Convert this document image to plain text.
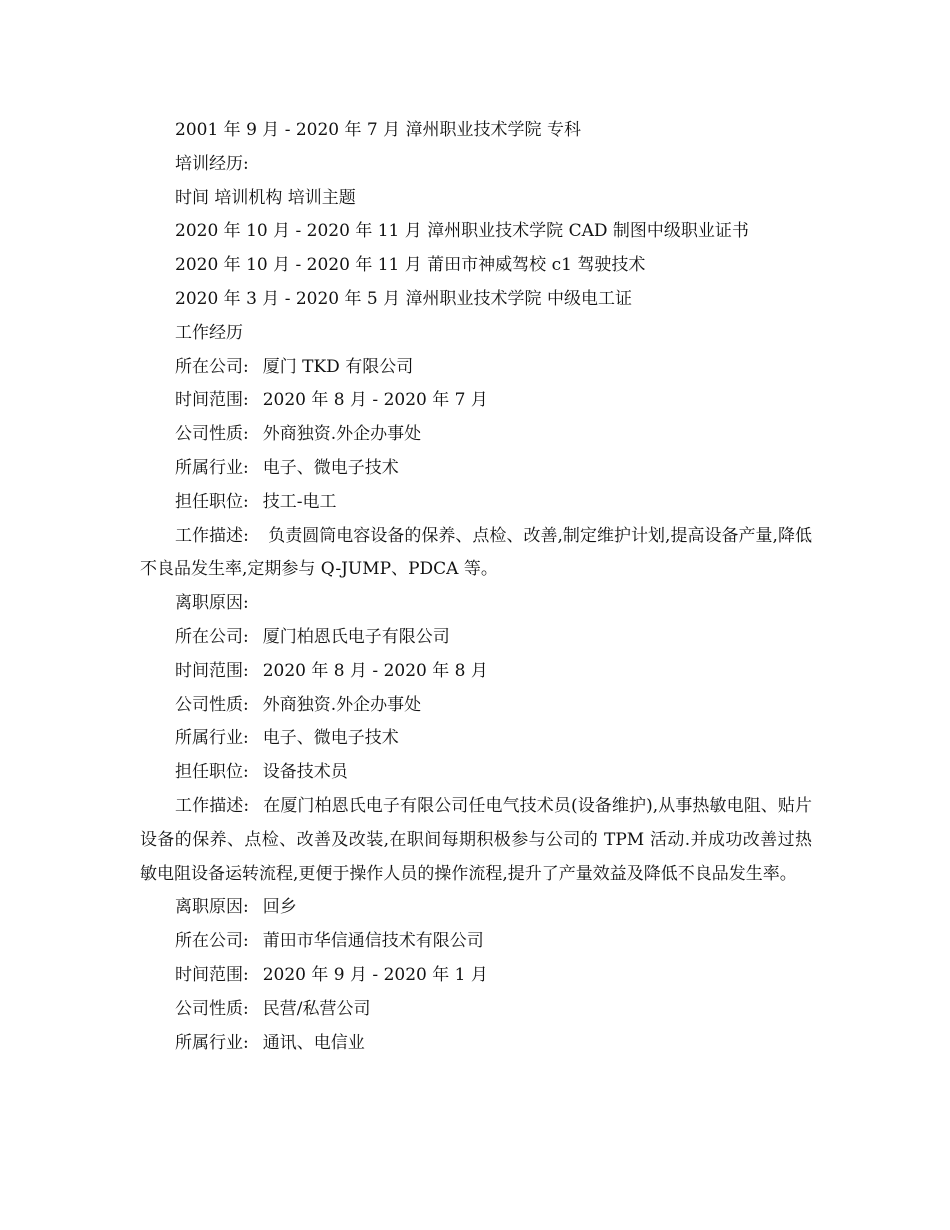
2001 年 9 月 - 2020 年 7 月 漳州职业技术学院 专科
培训经历:
时间 培训机构 培训主题
2020 年 10 月 - 2020 年 11 月 漳州职业技术学院 CAD 制图中级职业证书
2020 年 10 月 - 2020 年 11 月 莆田市神威驾校 c1 驾驶技术
2020 年 3 月 - 2020 年 5 月 漳州职业技术学院 中级电工证
工作经历
所在公司: 厦门 TKD 有限公司
时间范围: 2020 年 8 月 - 2020 年 7 月
公司性质: 外商独资.外企办事处
所属行业: 电子、微电子技术
担任职位: 技工-电工
工作描述: 负责圆筒电容设备的保养、点检、改善,制定维护计划,提高设备产量,降低不良品发生率,定期参与 Q-JUMP、PDCA 等。
离职原因:
所在公司: 厦门柏恩氏电子有限公司
时间范围: 2020 年 8 月 - 2020 年 8 月
公司性质: 外商独资.外企办事处
所属行业: 电子、微电子技术
担任职位: 设备技术员
工作描述: 在厦门柏恩氏电子有限公司任电气技术员(设备维护),从事热敏电阻、贴片设备的保养、点检、改善及改装,在职间每期积极参与公司的 TPM 活动.并成功改善过热敏电阻设备运转流程,更便于操作人员的操作流程,提升了产量效益及降低不良品发生率。
离职原因: 回乡
所在公司: 莆田市华信通信技术有限公司
时间范围: 2020 年 9 月 - 2020 年 1 月
公司性质: 民营/私营公司
所属行业: 通讯、电信业
